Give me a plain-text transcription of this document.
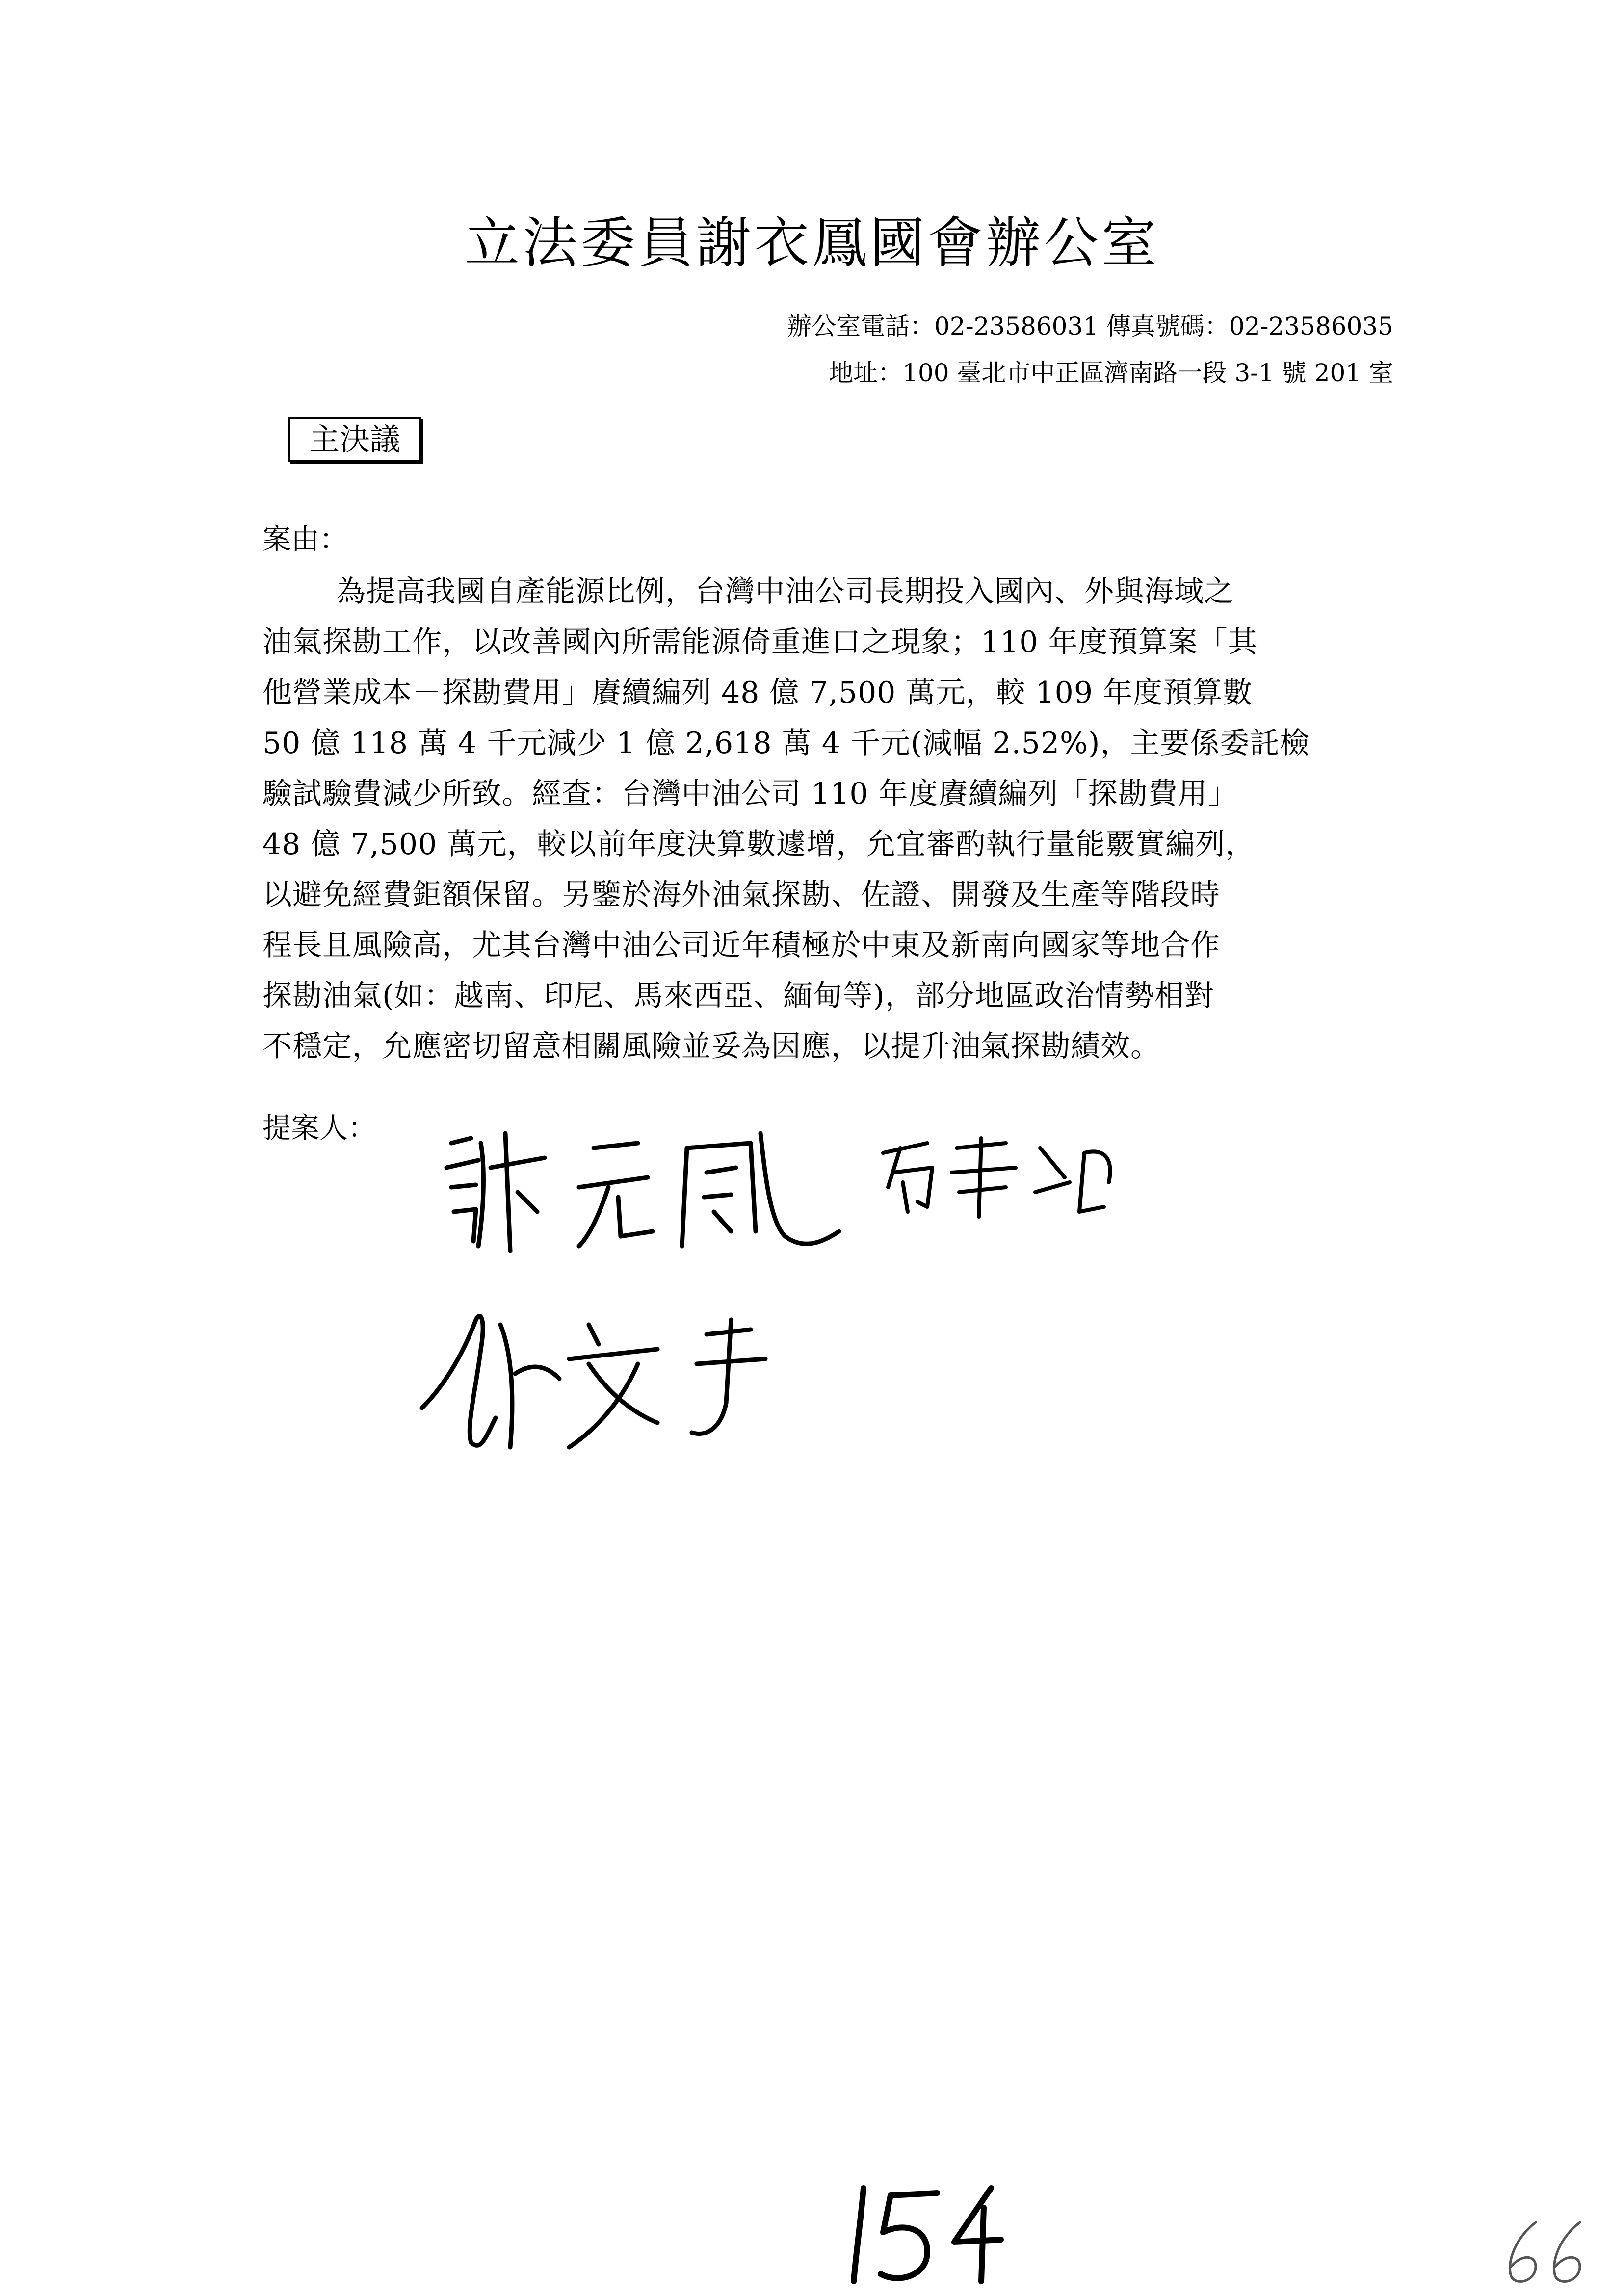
立法委員謝衣鳳國會辦公室
辦公室電話：02-23586031 傳真號碼：02-23586035
地址：100 臺北市中正區濟南路一段 3-1 號 201 室
主決議
案由：

為提高我國自產能源比例，台灣中油公司長期投入國內、外與海域之
油氣探勘工作，以改善國內所需能源倚重進口之現象；110 年度預算案「其
他營業成本－探勘費用」賡續編列 48 億 7,500 萬元，較 109 年度預算數
50 億 118 萬 4 千元減少 1 億 2,618 萬 4 千元(減幅 2.52%)，主要係委託檢
驗試驗費減少所致。經查：台灣中油公司 110 年度賡續編列「探勘費用」
48 億 7,500 萬元，較以前年度決算數遽增，允宜審酌執行量能覈實編列，
以避免經費鉅額保留。另鑒於海外油氣探勘、佐證、開發及生產等階段時
程長且風險高，尤其台灣中油公司近年積極於中東及新南向國家等地合作
探勘油氣(如：越南、印尼、馬來西亞、緬甸等)，部分地區政治情勢相對
不穩定，允應密切留意相關風險並妥為因應，以提升油氣探勘績效。

提案人：
